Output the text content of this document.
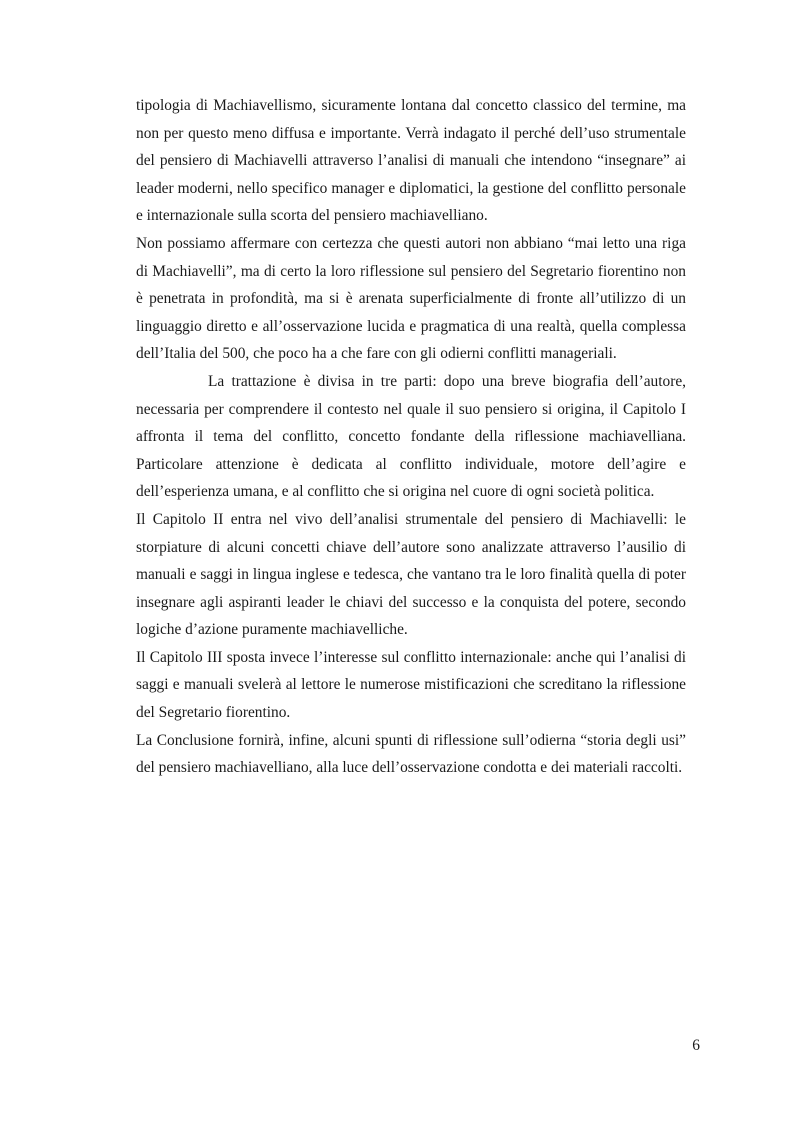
tipologia di Machiavellismo, sicuramente lontana dal concetto classico del termine, ma non per questo meno diffusa e importante. Verrà indagato il perché dell’uso strumentale del pensiero di Machiavelli attraverso l’analisi di manuali che intendono “insegnare” ai leader moderni, nello specifico manager e diplomatici, la gestione del conflitto personale e internazionale sulla scorta del pensiero machiavelliano.

Non possiamo affermare con certezza che questi autori non abbiano “mai letto una riga di Machiavelli”, ma di certo la loro riflessione sul pensiero del Segretario fiorentino non è penetrata in profondità, ma si è arenata superficialmente di fronte all’utilizzo di un linguaggio diretto e all’osservazione lucida e pragmatica di una realtà, quella complessa dell’Italia del 500, che poco ha a che fare con gli odierni conflitti manageriali.

La trattazione è divisa in tre parti: dopo una breve biografia dell’autore, necessaria per comprendere il contesto nel quale il suo pensiero si origina, il Capitolo I affronta il tema del conflitto, concetto fondante della riflessione machiavelliana. Particolare attenzione è dedicata al conflitto individuale, motore dell’agire e dell’esperienza umana, e al conflitto che si origina nel cuore di ogni società politica.

Il Capitolo II entra nel vivo dell’analisi strumentale del pensiero di Machiavelli: le storpiature di alcuni concetti chiave dell’autore sono analizzate attraverso l’ausilio di manuali e saggi in lingua inglese e tedesca, che vantano tra le loro finalità quella di poter insegnare agli aspiranti leader le chiavi del successo e la conquista del potere, secondo logiche d’azione puramente machiavelliche.

Il Capitolo III sposta invece l’interesse sul conflitto internazionale: anche qui l’analisi di saggi e manuali svelerà al lettore le numerose mistificazioni che screditano la riflessione del Segretario fiorentino.

La Conclusione fornirà, infine, alcuni spunti di riflessione sull’odierna “storia degli usi” del pensiero machiavelliano, alla luce dell’osservazione condotta e dei materiali raccolti.

6
